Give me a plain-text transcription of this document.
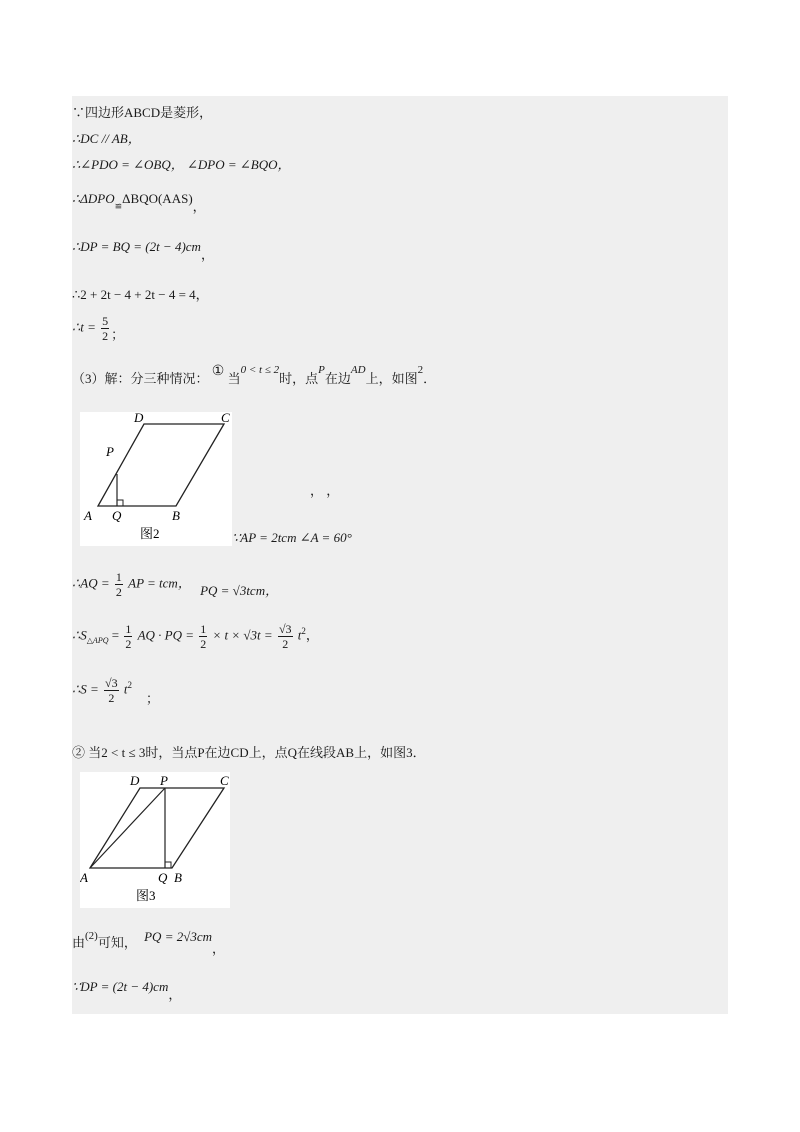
∵四边形ABCD是菱形，
∴DC // AB，
∴∠PDO = ∠OBQ， ∠DPO = ∠BQO，
$\therefore\Delta DPO_≌\Delta BQO(AAS)$，
∴DP = BQ = (2t − 4)cm，
∴2 + 2t − 4 + 2t − 4 = 4，
∴t = $\frac{5}{2}$ ；
（3）解：分三种情况： ① 当$^{0 < t \le 2}$时，点$^P$在边$^{AD}$上，如图$^2$．
D	C
P
A Q	B
图2
， ，
∵AP = 2tcm ∠A = 60°
∴AQ = $\frac{1}{2}$ AP = tcm， PQ = √3tcm，
$\therefore S_{\triangle APQ} = \frac{1}{2}$ AQ · PQ = $\frac{1}{2} \times t \times √3t = \frac{√3}{2} t^2$，
∴S = $\frac{√3}{2} t^2$；
② 当2 < t ≤ 3时，当点P在边CD上，点Q在线段AB上，如图3．
D P	C
A	Q B
图3
由$^{(2)}$可知， PQ = 2√3cm，
∵DP = (2t − 4)cm，
